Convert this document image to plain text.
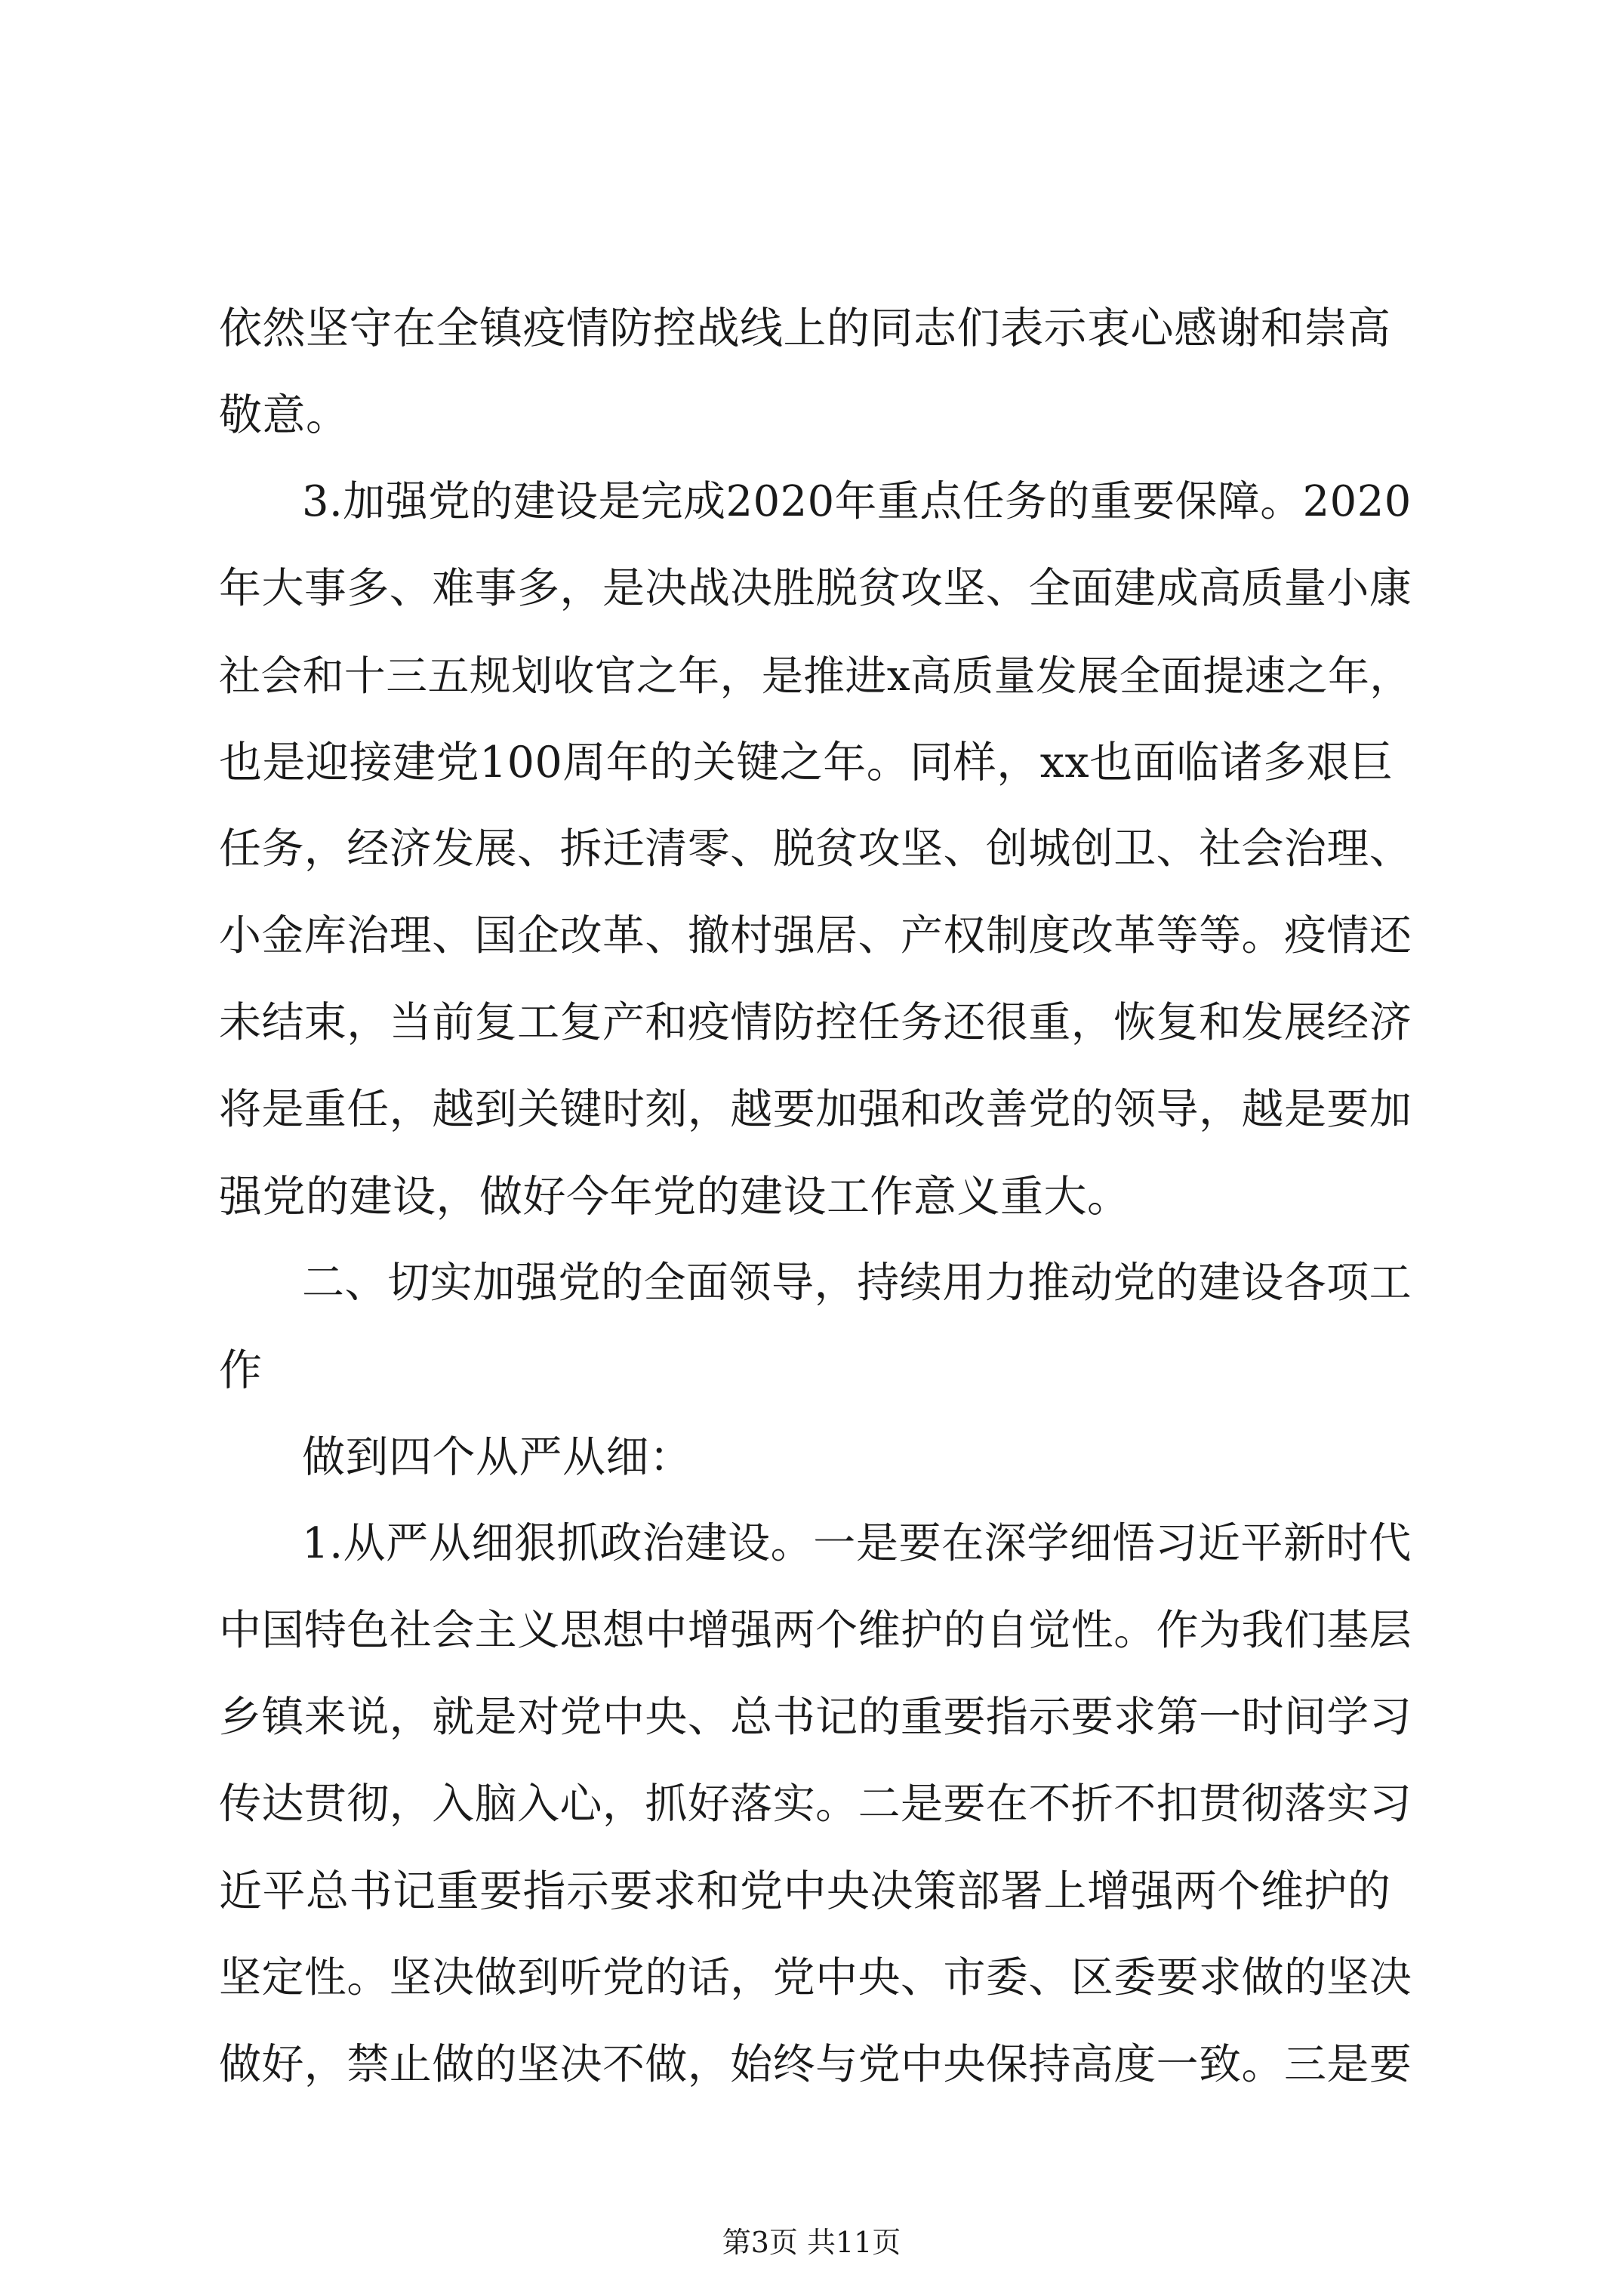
依然坚守在全镇疫情防控战线上的同志们表示衷心感谢和崇高
敬意。
3.加强党的建设是完成2020年重点任务的重要保障。2020
年大事多、难事多，是决战决胜脱贫攻坚、全面建成高质量小康
社会和十三五规划收官之年，是推进x高质量发展全面提速之年，
也是迎接建党100周年的关键之年。同样，xx也面临诸多艰巨
任务，经济发展、拆迁清零、脱贫攻坚、创城创卫、社会治理、
小金库治理、国企改革、撤村强居、产权制度改革等等。疫情还
未结束，当前复工复产和疫情防控任务还很重，恢复和发展经济
将是重任，越到关键时刻，越要加强和改善党的领导，越是要加
强党的建设，做好今年党的建设工作意义重大。
二、切实加强党的全面领导，持续用力推动党的建设各项工
作
做到四个从严从细：
1.从严从细狠抓政治建设。一是要在深学细悟习近平新时代
中国特色社会主义思想中增强两个维护的自觉性。作为我们基层
乡镇来说，就是对党中央、总书记的重要指示要求第一时间学习
传达贯彻，入脑入心，抓好落实。二是要在不折不扣贯彻落实习
近平总书记重要指示要求和党中央决策部署上增强两个维护的
坚定性。坚决做到听党的话，党中央、市委、区委要求做的坚决
做好，禁止做的坚决不做，始终与党中央保持高度一致。三是要
第3页 共11页
